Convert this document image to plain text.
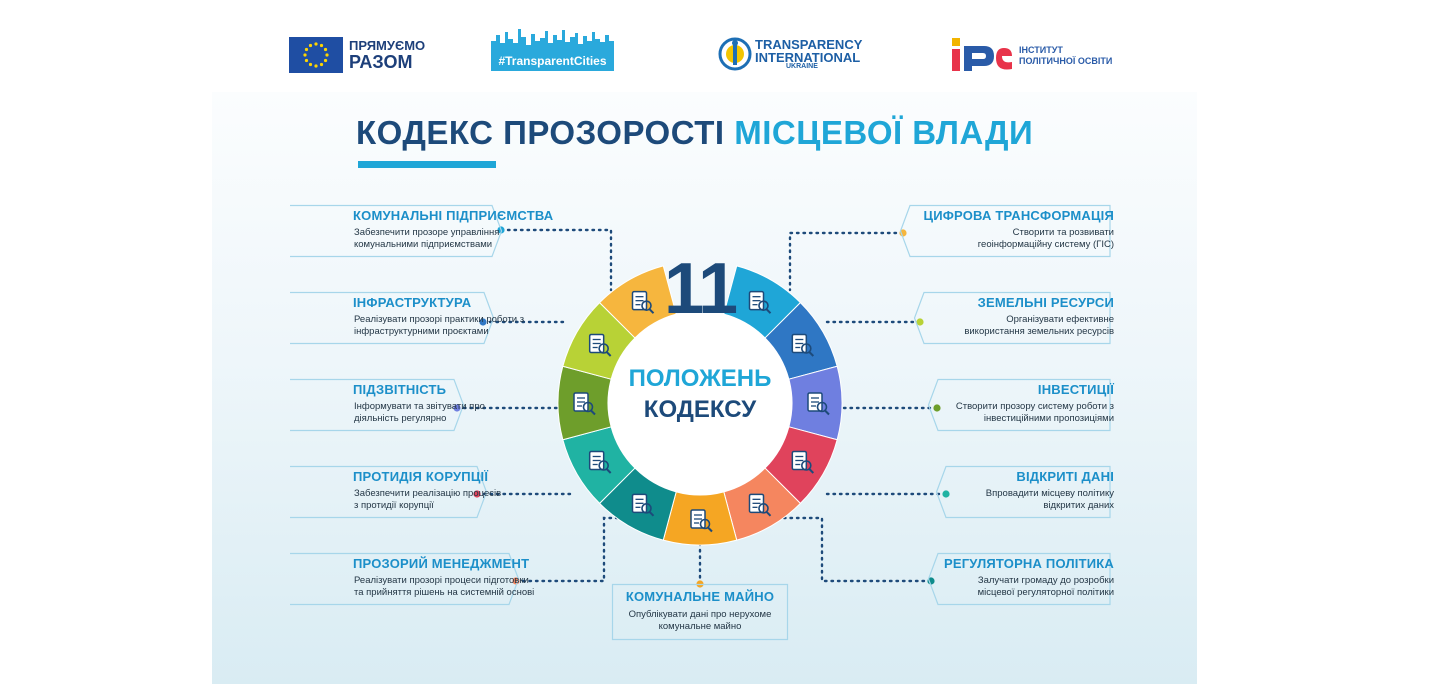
ПРЯМУЄМО
РАЗОМ	#TransparentCities
TRANSPARENCY
INTERNATIONAL
UKRAINE
ІНСТИТУТ
ПОЛІТИЧНОЇ ОСВІТИ
КОДЕКС ПРОЗОРОСТІ МІСЦЕВОЇ ВЛАДИ
11
ПОЛОЖЕНЬ
КОДЕКСУ
КОМУНАЛЬНІ ПІДПРИЄМСТВА
Забезпечити прозоре управління
комунальними підприємствами
ІНФРАСТРУКТУРА
Реалізувати прозорі практики роботи з
інфраструктурними проєктами
ПІДЗВІТНІСТЬ
Інформувати та звітувати про
діяльність регулярно
ПРОТИДІЯ КОРУПЦІЇ
Забезпечити реалізацію процесів
з протидії корупції
ПРОЗОРИЙ МЕНЕДЖМЕНТ
Реалізувати прозорі процеси підготовки
та прийняття рішень на системній основі	КОМУНАЛЬНЕ МАЙНО
Опублікувати дані про нерухоме
комунальне майно
РЕГУЛЯТОРНА ПОЛІТИКА
Залучати громаду до розробки
місцевої регуляторної політики
ВІДКРИТІ ДАНІ
Впровадити місцеву політику
відкритих даних
ІНВЕСТИЦІЇ
Створити прозору систему роботи з
інвестиційними пропозиціями
ЗЕМЕЛЬНІ РЕСУРСИ
Організувати ефективне
використання земельних ресурсів
ЦИФРОВА ТРАНСФОРМАЦІЯ
Створити та розвивати
геоінформаційну систему (ГІС)
